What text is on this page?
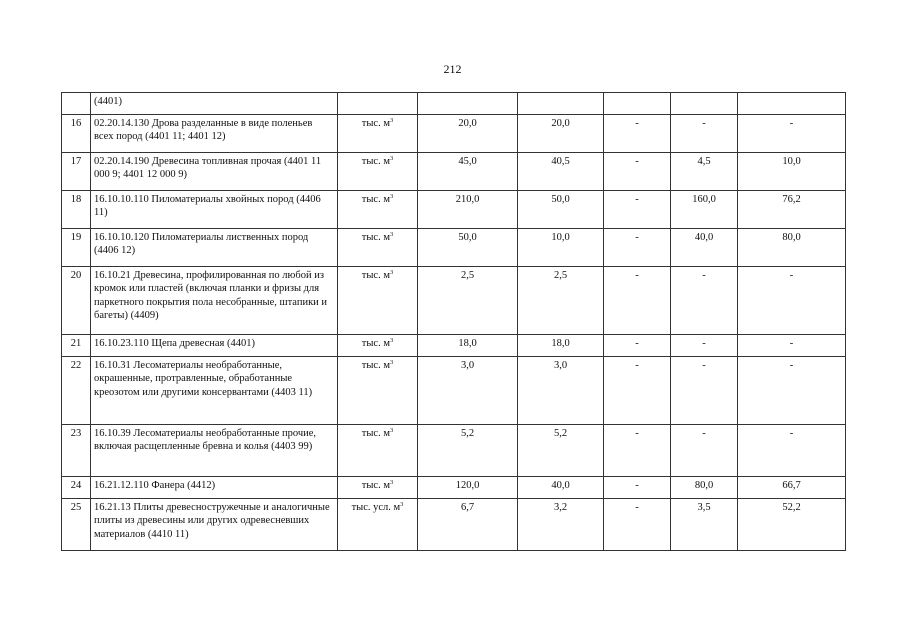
212
	(4401)						
16	02.20.14.130 Дрова разделанные в виде поленьев всех пород (4401 11; 4401 12)	тыс. $м^3$	20,0	20,0	-	-	-
17	02.20.14.190 Древесина топливная прочая (4401 11 000 9; 4401 12 000 9)	тыс. $м^3$	45,0	40,5	-	4,5	10,0
18	16.10.10.110 Пиломатериалы хвойных пород (4406 11)	тыс. $м^3$	210,0	50,0	-	160,0	76,2
19	16.10.10.120 Пиломатериалы лиственных пород (4406 12)	тыс. $м^3$	50,0	10,0	-	40,0	80,0
20	16.10.21 Древесина, профилированная по любой из кромок или пластей (включая планки и фризы для паркетного покрытия пола несобранные, штапики и багеты) (4409)	тыс. $м^3$	2,5	2,5	-	-	-
21	16.10.23.110 Щепа древесная (4401)	тыс. $м^3$	18,0	18,0	-	-	-
22	16.10.31 Лесоматериалы необработанные, окрашенные, протравленные, обработанные креозотом или другими консервантами (4403 11)	тыс. $м^3$	3,0	3,0	-	-	-
23	16.10.39 Лесоматериалы необработанные прочие, включая расщепленные бревна и колья (4403 99)	тыс. $м^3$	5,2	5,2	-	-	-
24	16.21.12.110 Фанера (4412)	тыс. $м^3$	120,0	40,0	-	80,0	66,7
25	16.21.13 Плиты древесностружечные и аналогичные плиты из древесины или других одревесневших материалов (4410 11)	тыс. усл. $м^3$	6,7	3,2	-	3,5	52,2
